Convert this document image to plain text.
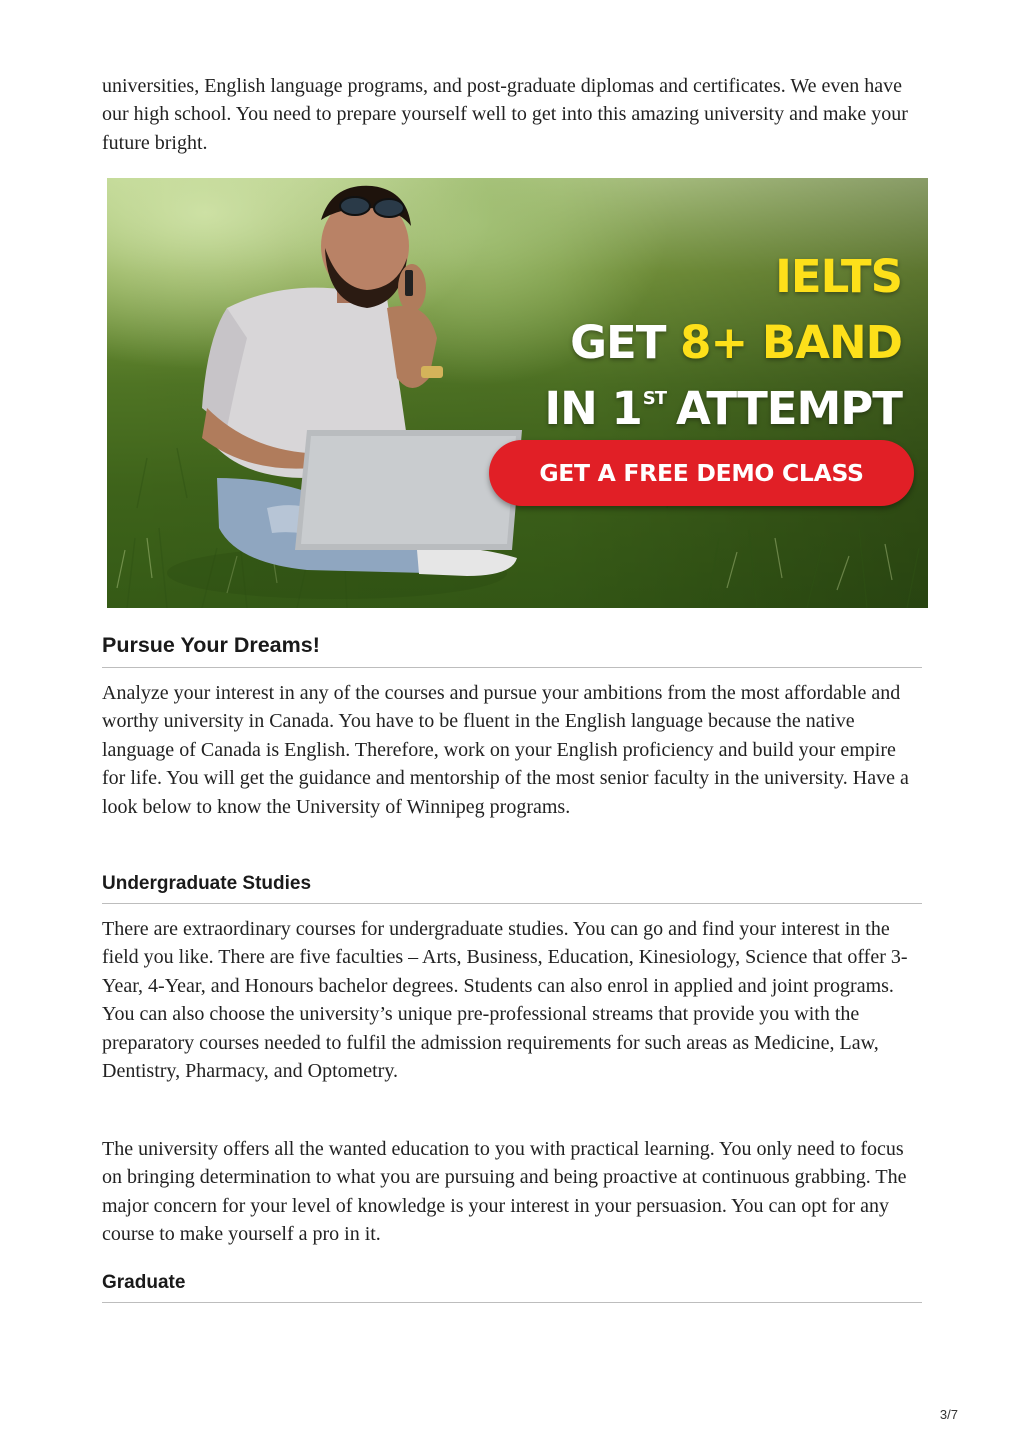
universities, English language programs, and post-graduate diplomas and certificates. We even have our high school. You need to prepare yourself well to get into this amazing university and make your future bright.

IELTS

GET 8+ BAND

IN 1ST ATTEMPT

GET A FREE DEMO CLASS
Pursue Your Dreams!

Analyze your interest in any of the courses and pursue your ambitions from the most affordable and worthy university in Canada. You have to be fluent in the English language because the native language of Canada is English. Therefore, work on your English proficiency and build your empire for life. You will get the guidance and mentorship of the most senior faculty in the university. Have a look below to know the University of Winnipeg programs.

Undergraduate Studies

There are extraordinary courses for undergraduate studies. You can go and find your interest in the field you like. There are five faculties – Arts, Business, Education, Kinesiology, Science that offer 3-Year, 4-Year, and Honours bachelor degrees. Students can also enrol in applied and joint programs. You can also choose the university’s unique pre-professional streams that provide you with the preparatory courses needed to fulfil the admission requirements for such areas as Medicine, Law, Dentistry, Pharmacy, and Optometry.

The university offers all the wanted education to you with practical learning. You only need to focus on bringing determination to what you are pursuing and being proactive at continuous grabbing. The major concern for your level of knowledge is your interest in your persuasion. You can opt for any course to make yourself a pro in it.

Graduate
3/7
